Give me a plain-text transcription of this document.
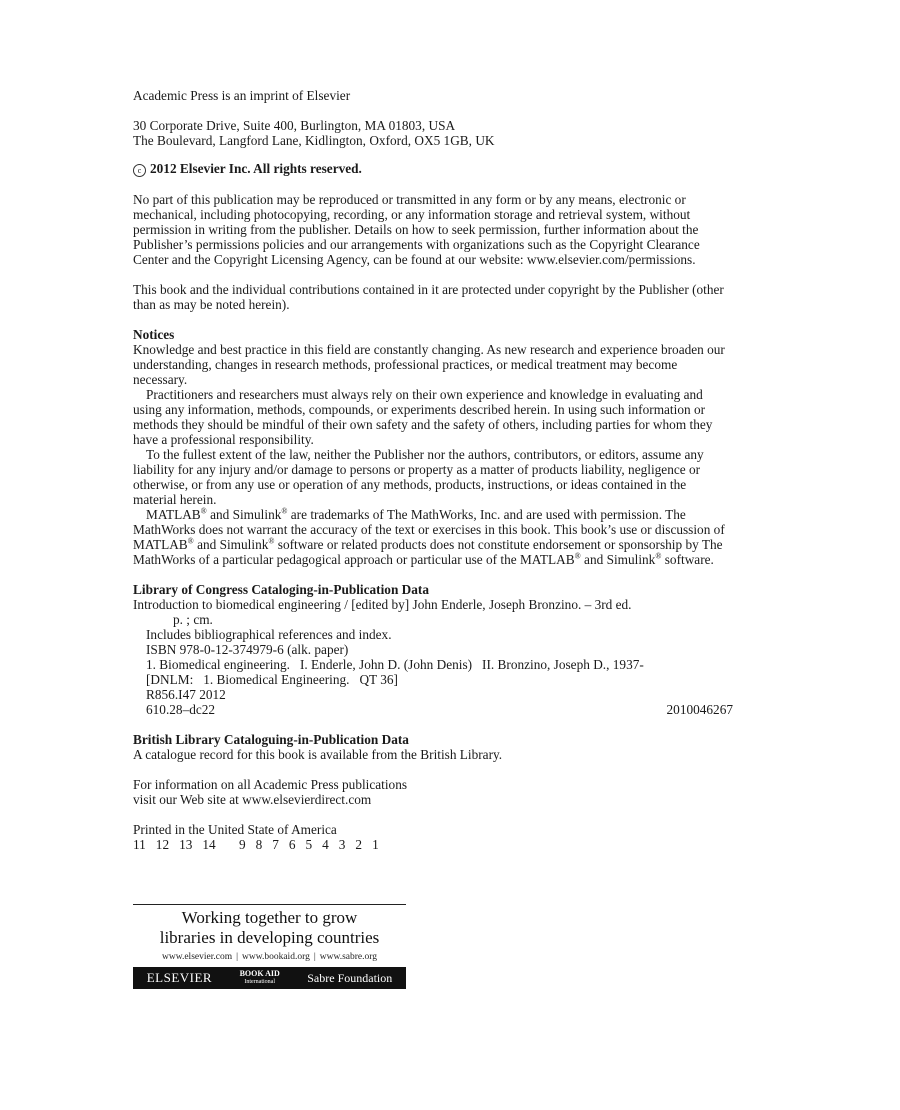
Academic Press is an imprint of Elsevier

30 Corporate Drive, Suite 400, Burlington, MA 01803, USA

The Boulevard, Langford Lane, Kidlington, Oxford, OX5 1GB, UK

c 2012 Elsevier Inc. All rights reserved.

No part of this publication may be reproduced or transmitted in any form or by any means, electronic or mechanical, including photocopying, recording, or any information storage and retrieval system, without permission in writing from the publisher. Details on how to seek permission, further information about the Publisher’s permissions policies and our arrangements with organizations such as the Copyright Clearance Center and the Copyright Licensing Agency, can be found at our website: www.elsevier.com/permissions.

This book and the individual contributions contained in it are protected under copyright by the Publisher (other than as may be noted herein).

Notices

Knowledge and best practice in this field are constantly changing. As new research and experience broaden our understanding, changes in research methods, professional practices, or medical treatment may become necessary.

Practitioners and researchers must always rely on their own experience and knowledge in evaluating and using any information, methods, compounds, or experiments described herein. In using such information or methods they should be mindful of their own safety and the safety of others, including parties for whom they have a professional responsibility.

To the fullest extent of the law, neither the Publisher nor the authors, contributors, or editors, assume any liability for any injury and/or damage to persons or property as a matter of products liability, negligence or otherwise, or from any use or operation of any methods, products, instructions, or ideas contained in the material herein.

MATLAB® and Simulink® are trademarks of The MathWorks, Inc. and are used with permission. The MathWorks does not warrant the accuracy of the text or exercises in this book. This book’s use or discussion of MATLAB® and Simulink® software or related products does not constitute endorsement or sponsorship by The MathWorks of a particular pedagogical approach or particular use of the MATLAB® and Simulink® software.

Library of Congress Cataloging-in-Publication Data

Introduction to biomedical engineering / [edited by] John Enderle, Joseph Bronzino. – 3rd ed.

p. ; cm.

Includes bibliographical references and index.

ISBN 978-0-12-374979-6 (alk. paper)

1. Biomedical engineering.   I. Enderle, John D. (John Denis)   II. Bronzino, Joseph D., 1937-

[DNLM:   1. Biomedical Engineering.   QT 36]

R856.I47 2012

610.28–dc22	2010046267

British Library Cataloguing-in-Publication Data

A catalogue record for this book is available from the British Library.

For information on all Academic Press publications

visit our Web site at www.elsevierdirect.com

Printed in the United State of America

11 12 13 14 9 8 7 6 5 4 3 2 1

Working together to grow
libraries in developing countries
www.elsevier.com | www.bookaid.org | www.sabre.org
ELSEVIER	BOOK AID
International	Sabre Foundation
